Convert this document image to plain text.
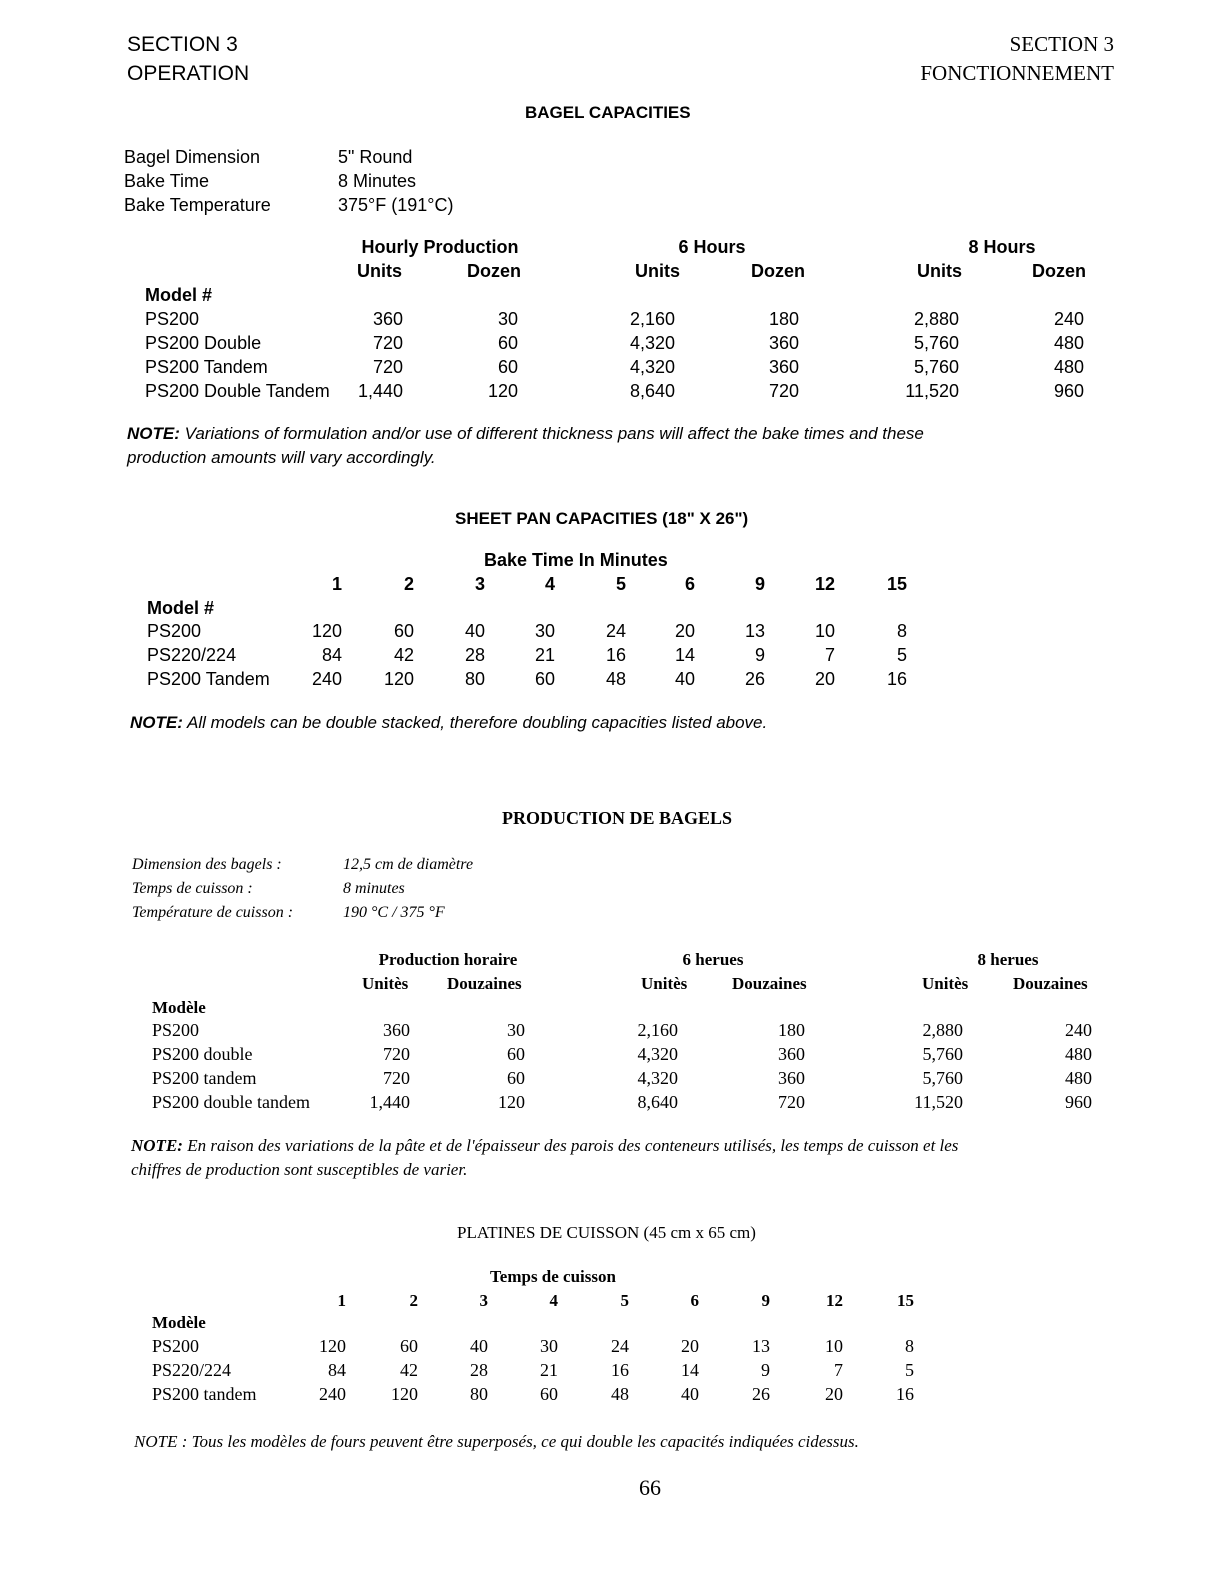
SECTION 3
OPERATION
SECTION 3
FONCTIONNEMENT
BAGEL CAPACITIES
Bagel Dimension	5" Round
Bake Time	8 Minutes
Bake Temperature	375°F (191°C)
Hourly Production	6 Hours	8 Hours
Units	Dozen	Units	Dozen	Units	Dozen
Model #
PS200	360	30	2,160	180	2,880	240
PS200 Double	720	60	4,320	360	5,760	480
PS200 Tandem	720	60	4,320	360	5,760	480
PS200 Double Tandem 1,440	120	8,640	720	11,520	960
NOTE: Variations of formulation and/or use of different thickness pans will affect the bake times and these
production amounts will vary accordingly.
SHEET PAN CAPACITIES (18" X 26")
Bake Time In Minutes
1	2	3	4	5	6	9	12	15
Model #
PS200	120	60	40	30	24	20	13	10	8
PS220/224	84	42	28	21	16	14	9	7	5
PS200 Tandem 240 120	80	60	48	40	26	20	16
NOTE: All models can be double stacked, therefore doubling capacities listed above.
PRODUCTION DE BAGELS
Dimension des bagels :	12,5 cm de diamètre
Temps de cuisson :	8 minutes
Température de cuisson :	190 °C / 375 °F
Production horaire	6 herues	8 herues
Unitès Douzaines	Unitès	Douzaines	Unitès	Douzaines
Modèle
PS200	360	30	2,160	180	2,880	240
PS200 double	720	60	4,320	360	5,760	480
PS200 tandem	720	60	4,320	360	5,760	480
PS200 double tandem	1,440	120	8,640	720	11,520	960
NOTE: En raison des variations de la pâte et de l'épaisseur des parois des conteneurs utilisés, les temps de cuisson et les
chiffres de production sont susceptibles de varier.
PLATINES DE CUISSON (45 cm x 65 cm)
Temps de cuisson
1	2	3	4	5	6	9	12	15
Modèle
PS200	120	60	40	30	24	20	13	10	8
PS220/224	84	42	28	21	16	14	9	7	5
PS200 tandem	240	120	80	60	48	40	26	20	16
NOTE : Tous les modèles de fours peuvent être superposés, ce qui double les capacités indiquées cidessus.
66
